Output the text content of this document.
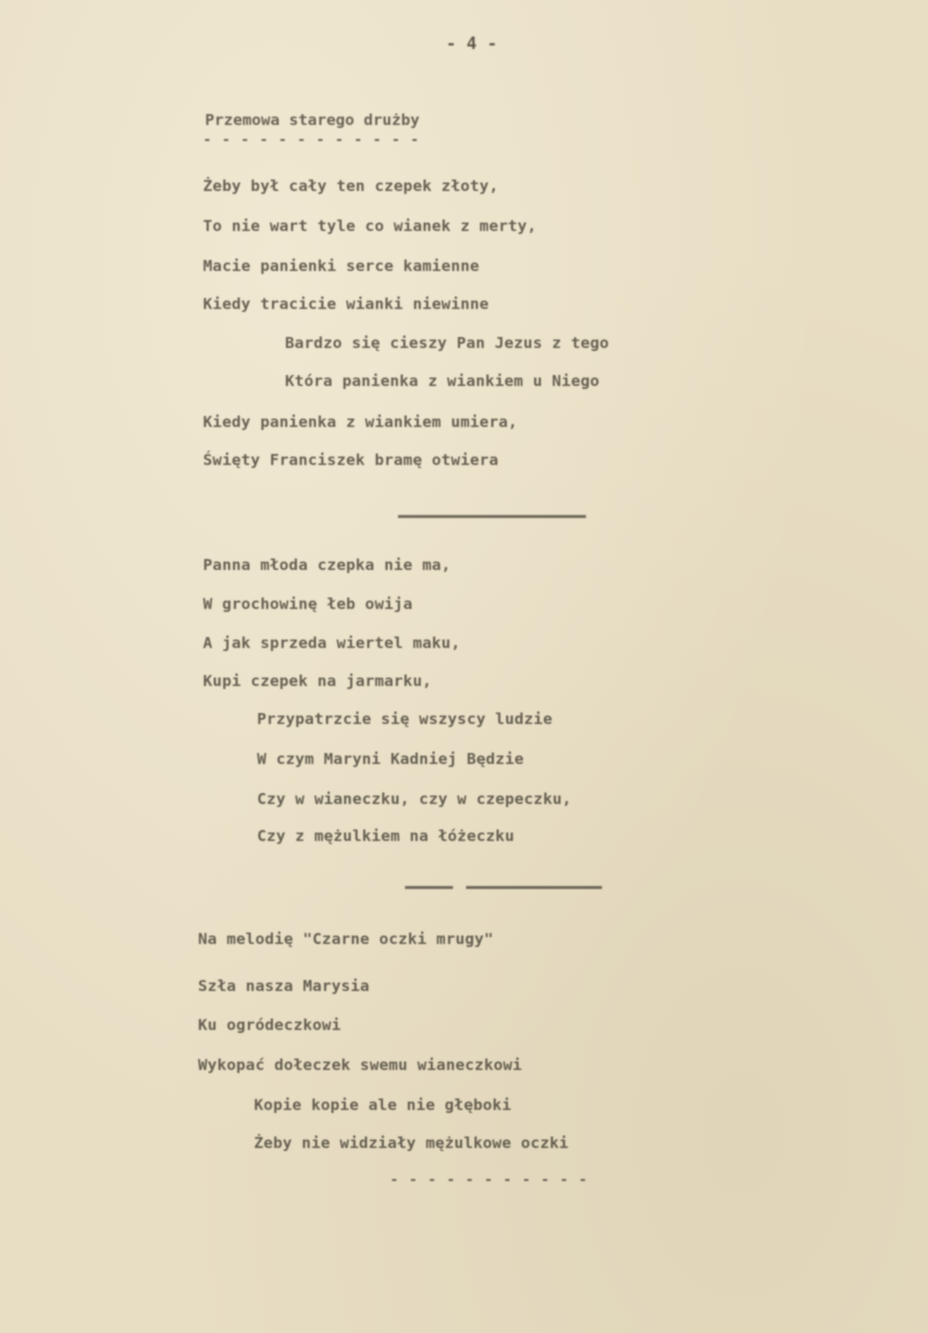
- 4 -
Przemowa starego drużby
- - - - - - - - - - - -
Żeby był cały ten czepek złoty,
To nie wart tyle co wianek z merty,
Macie panienki serce kamienne
Kiedy tracicie wianki niewinne
Bardzo się cieszy Pan Jezus z tego
Która panienka z wiankiem u Niego
Kiedy panienka z wiankiem umiera,
Święty Franciszek bramę otwiera
Panna młoda czepka nie ma,
W grochowinę łeb owija
A jak sprzeda wiertel maku,
Kupi czepek na jarmarku,
Przypatrzcie się wszyscy ludzie
W czym Maryni Kadniej Będzie
Czy w wianeczku, czy w czepeczku,
Czy z mężulkiem na łóżeczku
Na melodię "Czarne oczki mrugy"
Szła nasza Marysia
Ku ogródeczkowi
Wykopać dołeczek swemu wianeczkowi
Kopie kopie ale nie głęboki
Żeby nie widziały mężulkowe oczki
- - - - - - - - - - -
